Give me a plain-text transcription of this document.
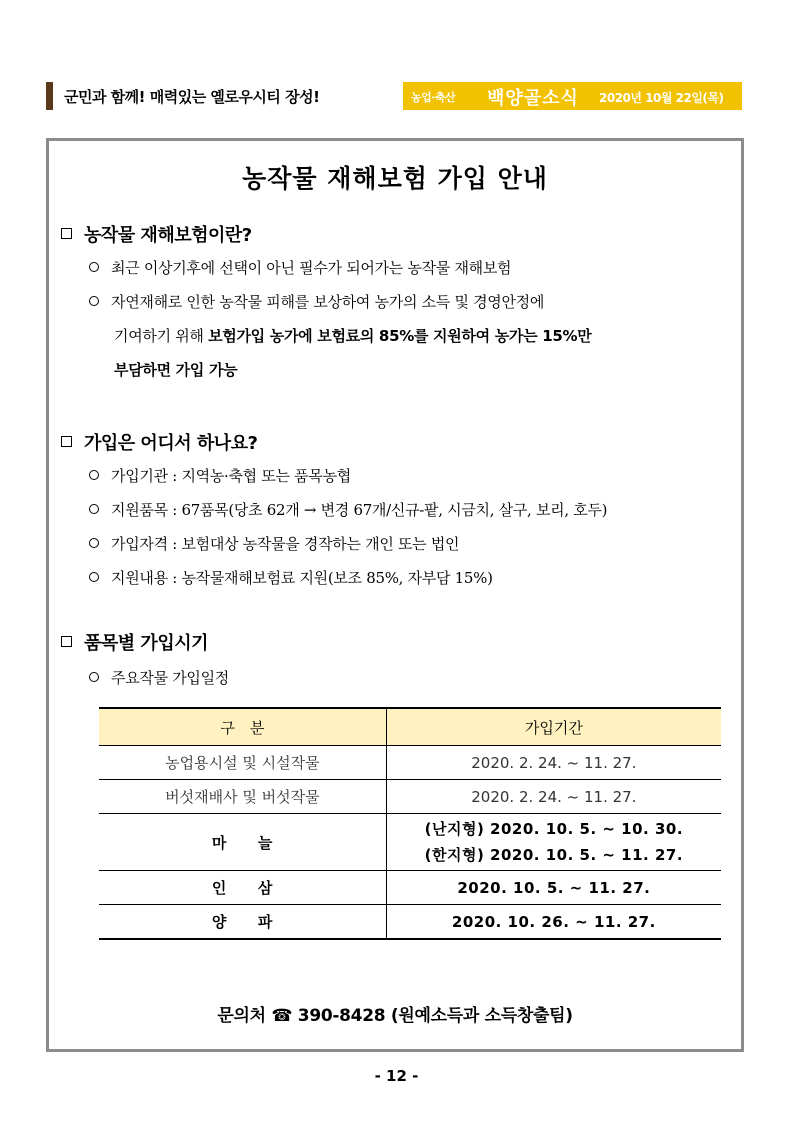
군민과 함께! 매력있는 옐로우시티 장성!	농업·축산 백양골소식 2020년 10월 22일(목)
농작물 재해보험 가입 안내
농작물 재해보험이란?
최근 이상기후에 선택이 아닌 필수가 되어가는 농작물 재해보험
자연재해로 인한 농작물 피해를 보상하여 농가의 소득 및 경영안정에
기여하기 위해 보험가입 농가에 보험료의 85%를 지원하여 농가는 15%만
부담하면 가입 가능
가입은 어디서 하나요?
가입기관 : 지역농·축협 또는 품목농협
지원품목 : 67품목(당초 62개 → 변경 67개/신규-팥, 시금치, 살구, 보리, 호두)
가입자격 : 보험대상 농작물을 경작하는 개인 또는 법인
지원내용 : 농작물재해보험료 지원(보조 85%, 자부담 15%)
품목별 가입시기
주요작물 가입일정
구　분	가입기간
농업용시설 및 시설작물	2020. 2. 24. ~ 11. 27.
버섯재배사 및 버섯작물	2020. 2. 24. ~ 11. 27.
마　　늘	(난지형) 2020. 10. 5. ~ 10. 30.
(한지형) 2020. 10. 5. ~ 11. 27.

인　　삼	2020. 10. 5. ~ 11. 27.
양　　파	2020. 10. 26. ~ 11. 27.
문의처 ☎ 390-8428 (원예소득과 소득창출팀)
- 12 -
